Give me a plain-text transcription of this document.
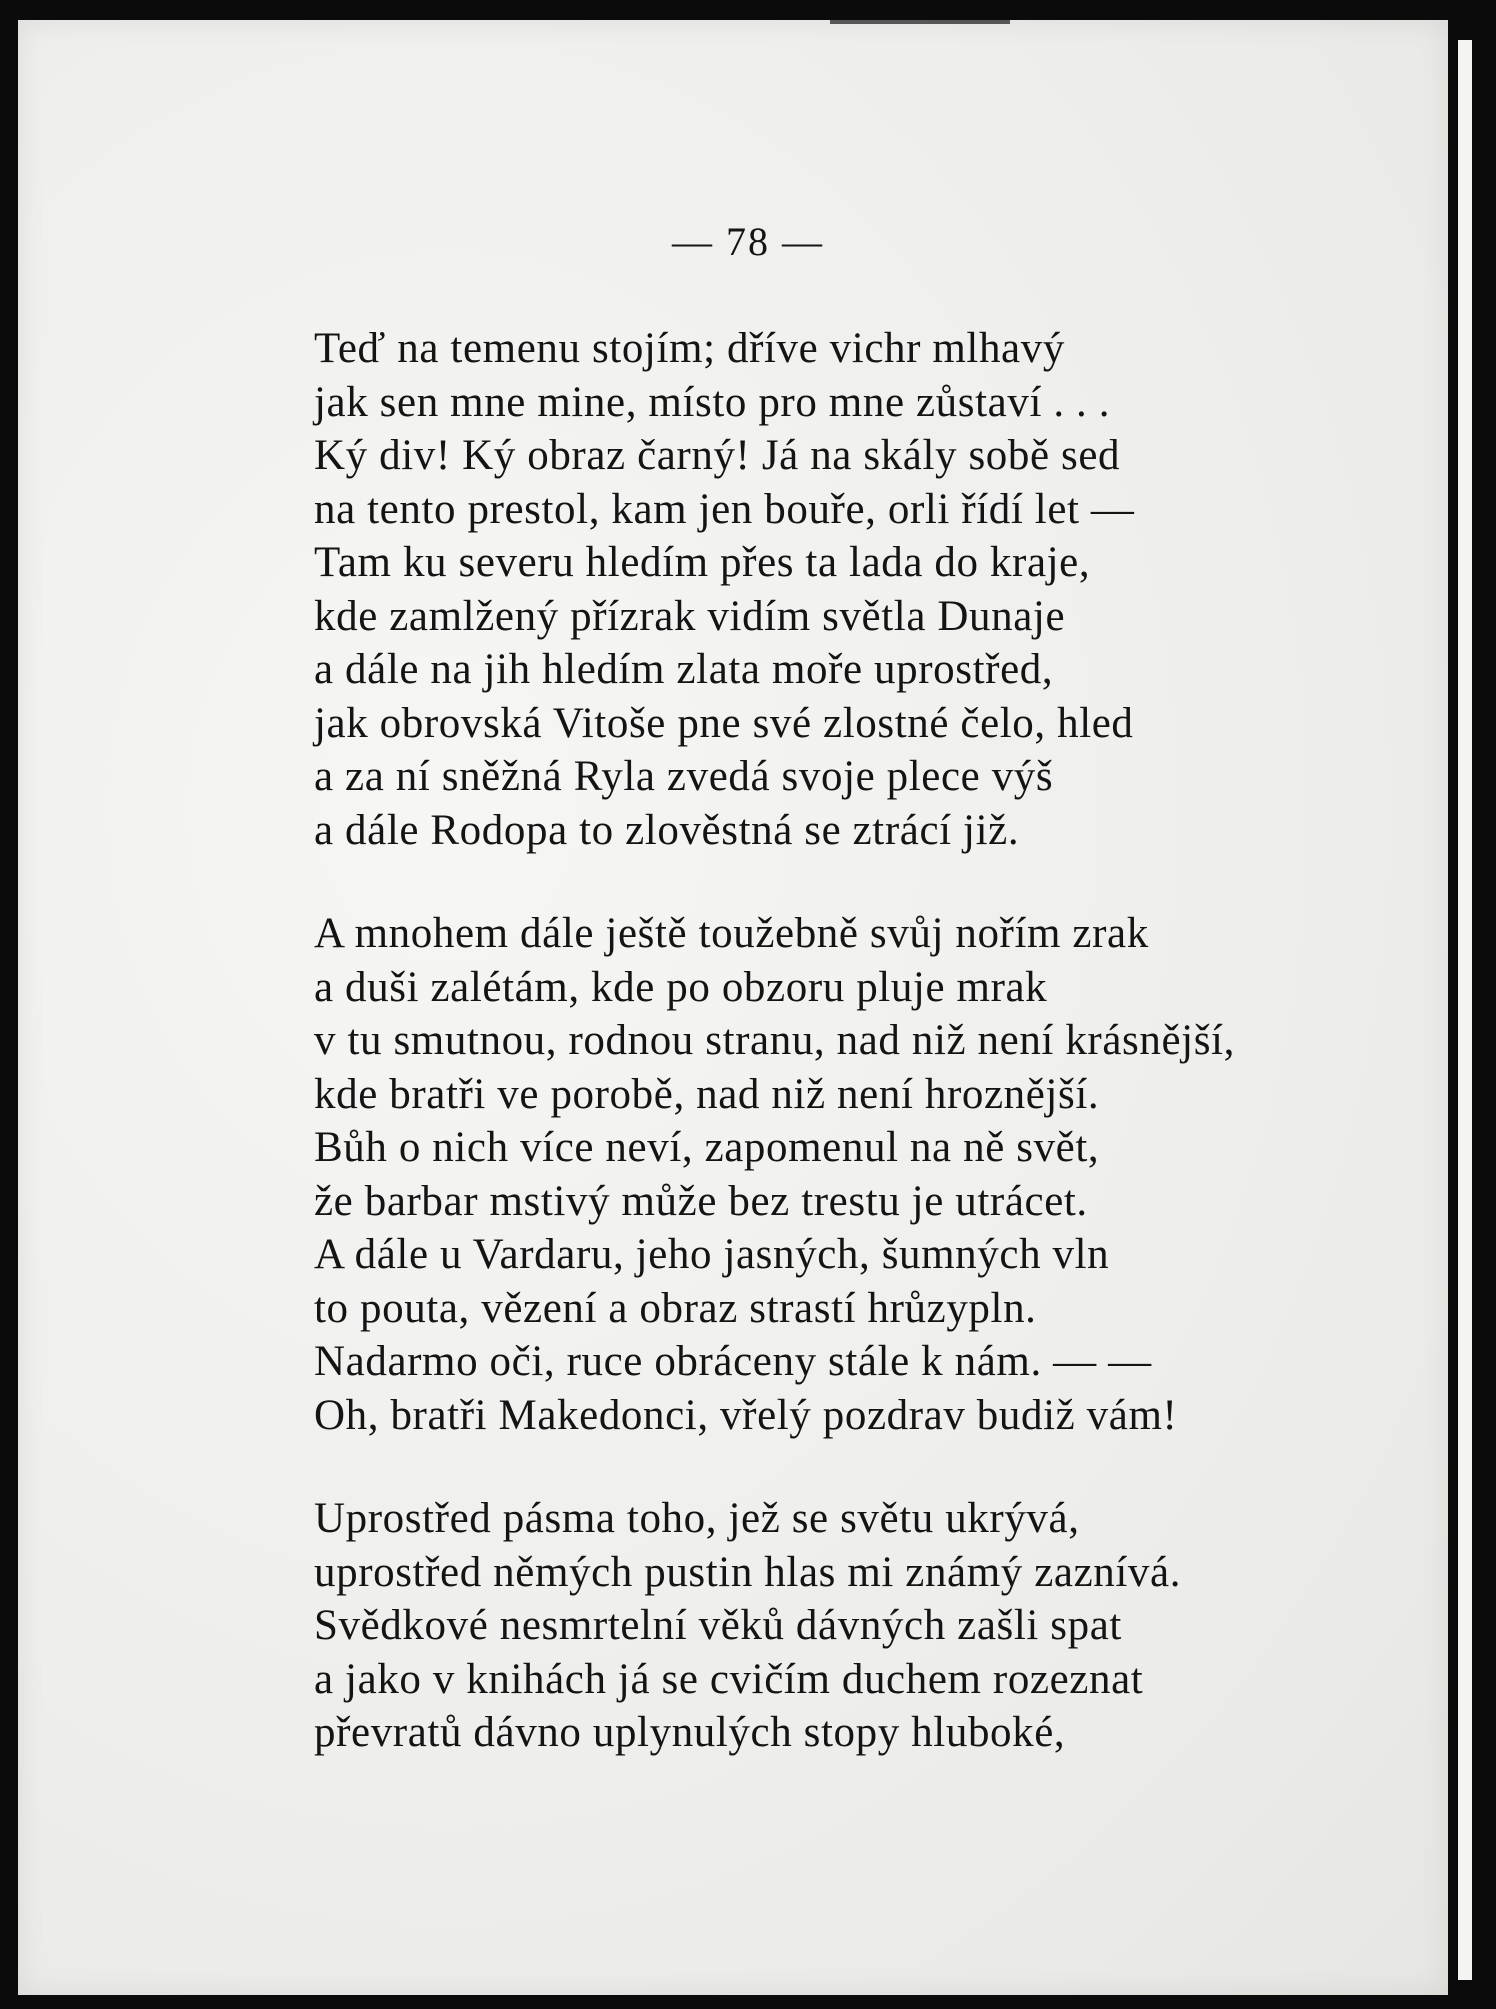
— 78 —
Teď na temenu stojím; dříve vichr mlhavý
jak sen mne mine, místo pro mne zůstaví . . .
Ký div! Ký obraz čarný! Já na skály sobě sed
na tento prestol, kam jen bouře, orli řídí let —
Tam ku severu hledím přes ta lada do kraje,
kde zamlžený přízrak vidím světla Dunaje
a dále na jih hledím zlata moře uprostřed,
jak obrovská Vitoše pne své zlostné čelo, hled
a za ní sněžná Ryla zvedá svoje plece výš
a dále Rodopa to zlověstná se ztrácí již.
A mnohem dále ještě toužebně svůj nořím zrak
a duši zalétám, kde po obzoru pluje mrak
v tu smutnou, rodnou stranu, nad niž není krásnější,
kde bratři ve porobě, nad niž není hroznější.
Bůh o nich více neví, zapomenul na ně svět,
že barbar mstivý může bez trestu je utrácet.
A dále u Vardaru, jeho jasných, šumných vln
to pouta, vězení a obraz strastí hrůzypln.
Nadarmo oči, ruce obráceny stále k nám. — —
Oh, bratři Makedonci, vřelý pozdrav budiž vám!
Uprostřed pásma toho, jež se světu ukrývá,
uprostřed němých pustin hlas mi známý zaznívá.
Svědkové nesmrtelní věků dávných zašli spat
a jako v knihách já se cvičím duchem rozeznat
převratů dávno uplynulých stopy hluboké,
